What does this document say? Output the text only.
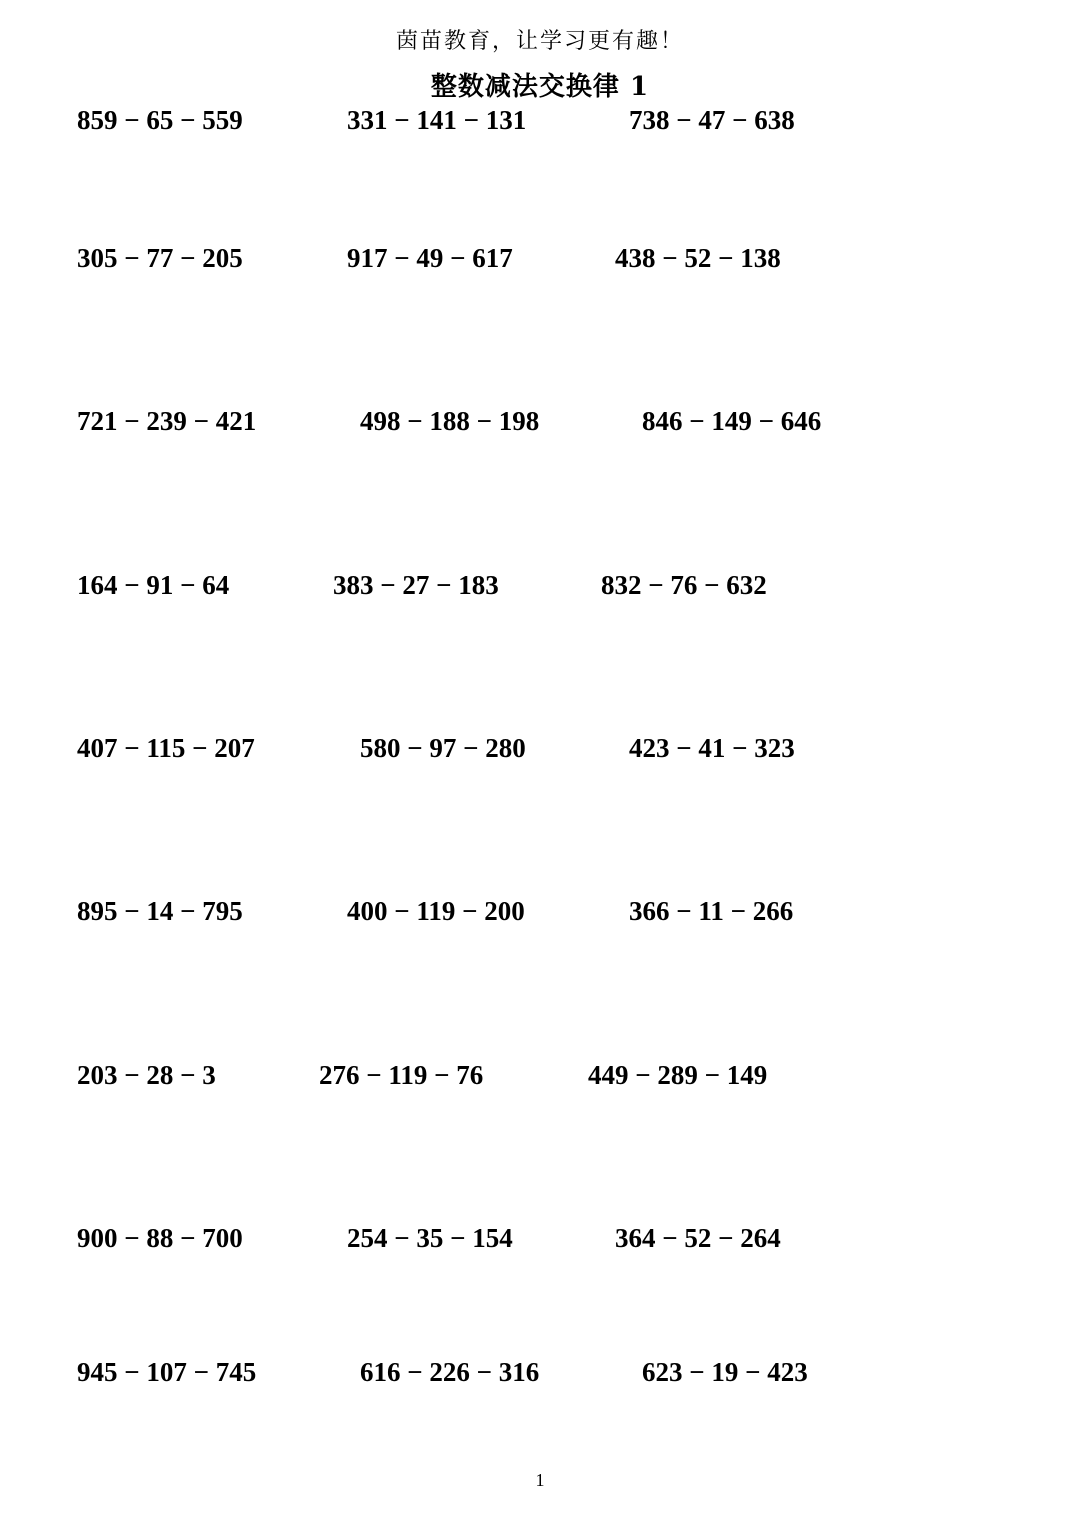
茵苗教育，让学习更有趣！
整数减法交换律 1
859 − 65 − 559	331 − 141 − 131	738 − 47 − 638
305 − 77 − 205	917 − 49 − 617	438 − 52 − 138
721 − 239 − 421	498 − 188 − 198	846 − 149 − 646
164 − 91 − 64	383 − 27 − 183	832 − 76 − 632
407 − 115 − 207	580 − 97 − 280	423 − 41 − 323
895 − 14 − 795	400 − 119 − 200	366 − 11 − 266
203 − 28 − 3	276 − 119 − 76	449 − 289 − 149
900 − 88 − 700	254 − 35 − 154	364 − 52 − 264
945 − 107 − 745	616 − 226 − 316	623 − 19 − 423
1
